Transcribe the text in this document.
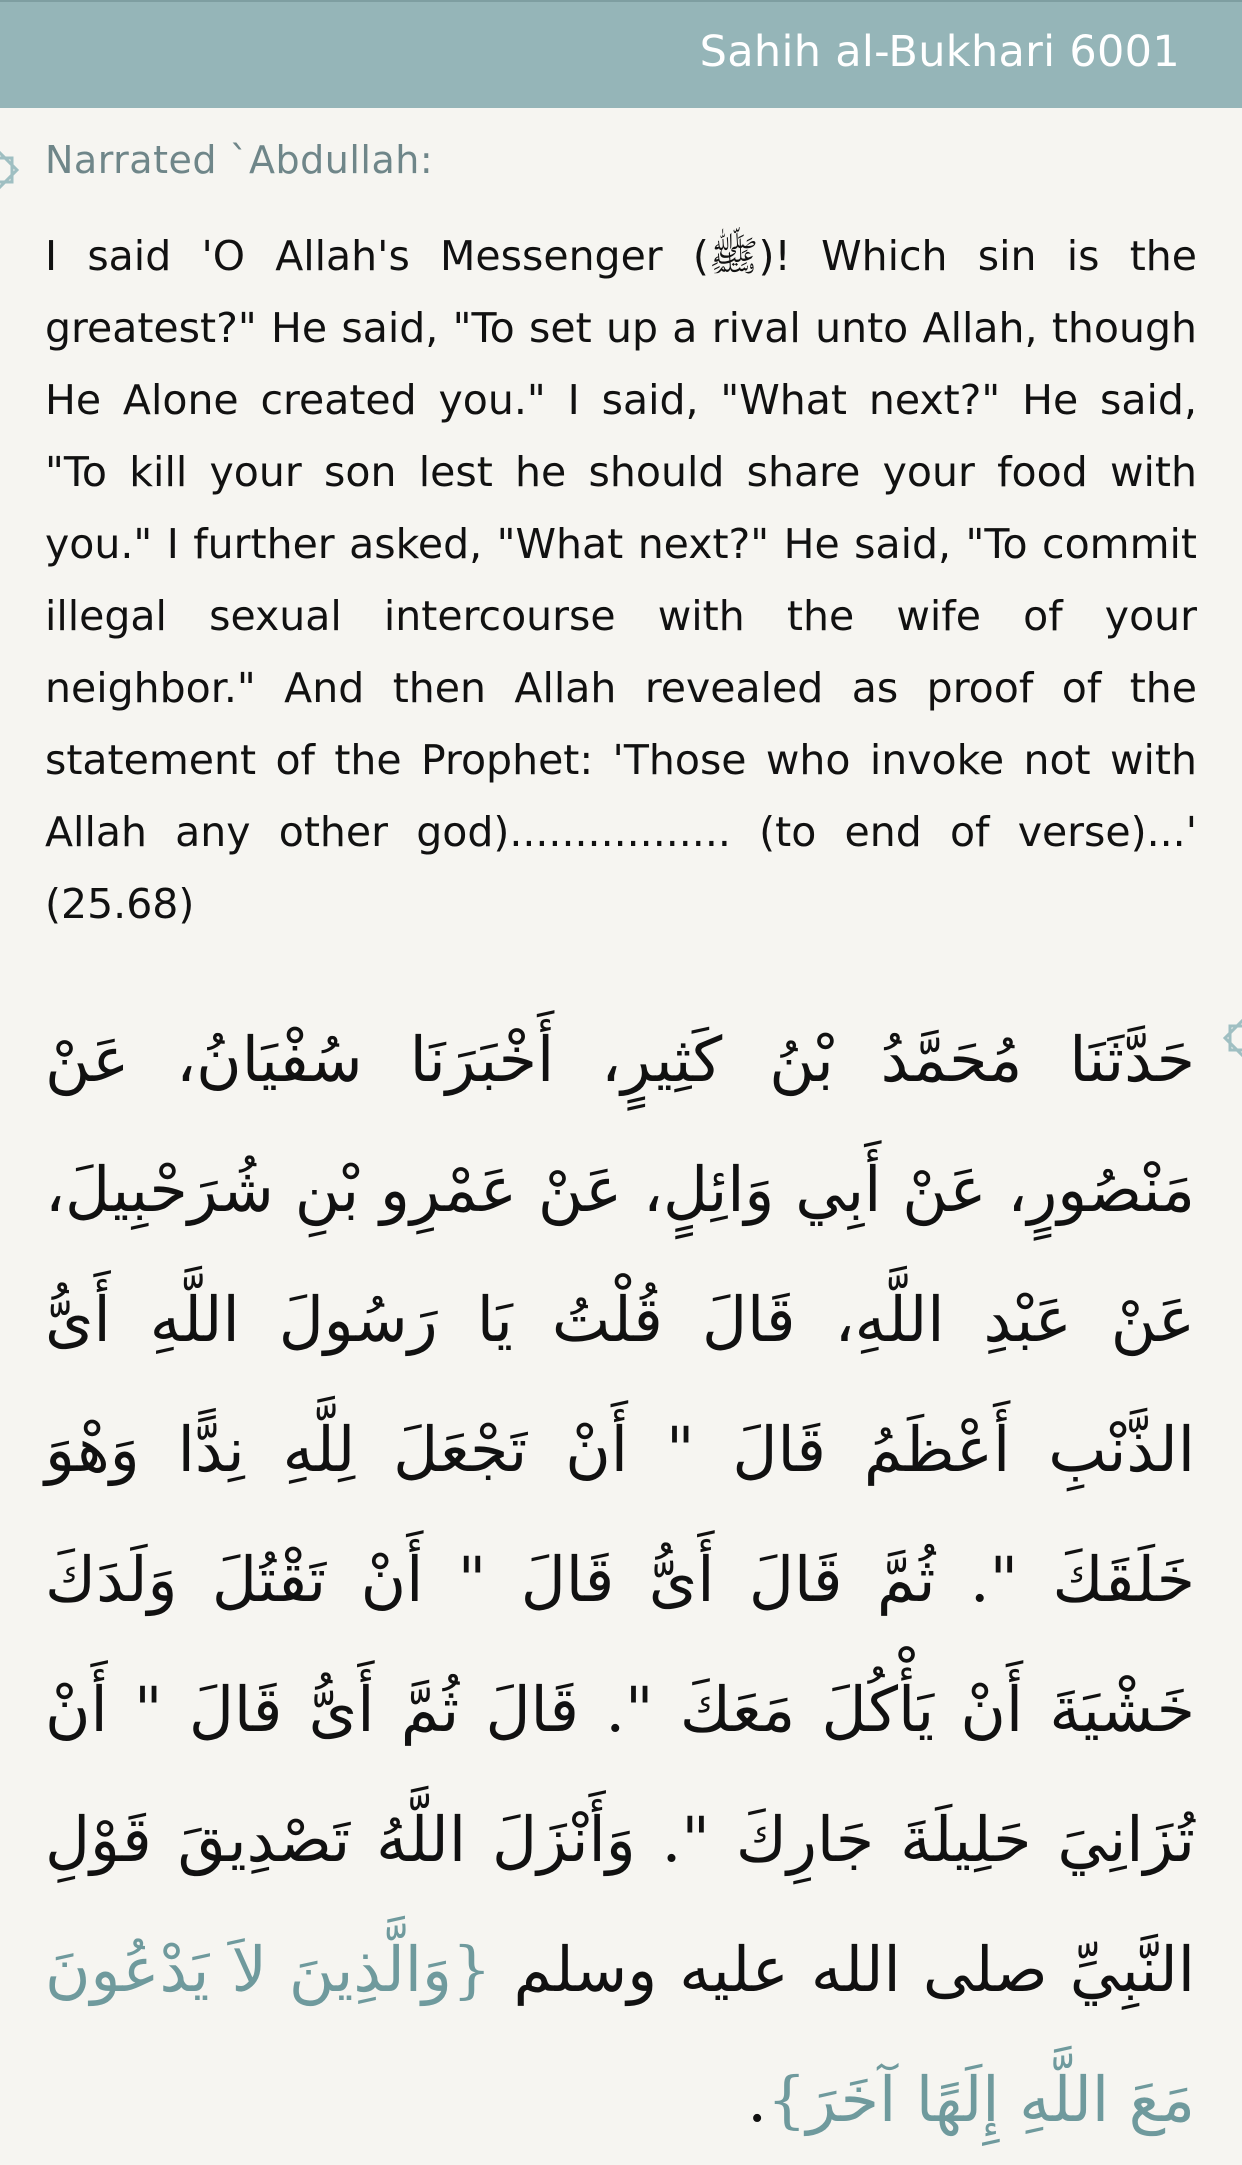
Sahih al-Bukhari 6001
Narrated `Abdullah:
I said 'O Allah's Messenger (ﷺ)! Which sin is the greatest?" He said, "To set up a rival unto Allah, though He Alone created you." I said, "What next?" He said, "To kill your son lest he should share your food with you." I further asked, "What next?" He said, "To commit illegal sexual intercourse with the wife of your neighbor." And then Allah revealed as proof of the statement of the Prophet: 'Those who invoke not with Allah any other god)................. (to end of verse)...' (25.68)
حَدَّثَنَا مُحَمَّدُ بْنُ كَثِيرٍ، أَخْبَرَنَا سُفْيَانُ، عَنْ مَنْصُورٍ، عَنْ أَبِي وَائِلٍ، عَنْ عَمْرِو بْنِ شُرَحْبِيلَ، عَنْ عَبْدِ اللَّهِ، قَالَ قُلْتُ يَا رَسُولَ اللَّهِ أَىُّ الذَّنْبِ أَعْظَمُ قَالَ " أَنْ تَجْعَلَ لِلَّهِ نِدًّا وَهْوَ خَلَقَكَ ". ثُمَّ قَالَ أَىُّ قَالَ " أَنْ تَقْتُلَ وَلَدَكَ خَشْيَةَ أَنْ يَأْكُلَ مَعَكَ ". قَالَ ثُمَّ أَىُّ قَالَ " أَنْ تُزَانِيَ حَلِيلَةَ جَارِكَ ". وَأَنْزَلَ اللَّهُ تَصْدِيقَ قَوْلِ النَّبِيِّ صلى الله عليه وسلم {وَالَّذِينَ لاَ يَدْعُونَ مَعَ اللَّهِ إِلَهًا آخَرَ}.
